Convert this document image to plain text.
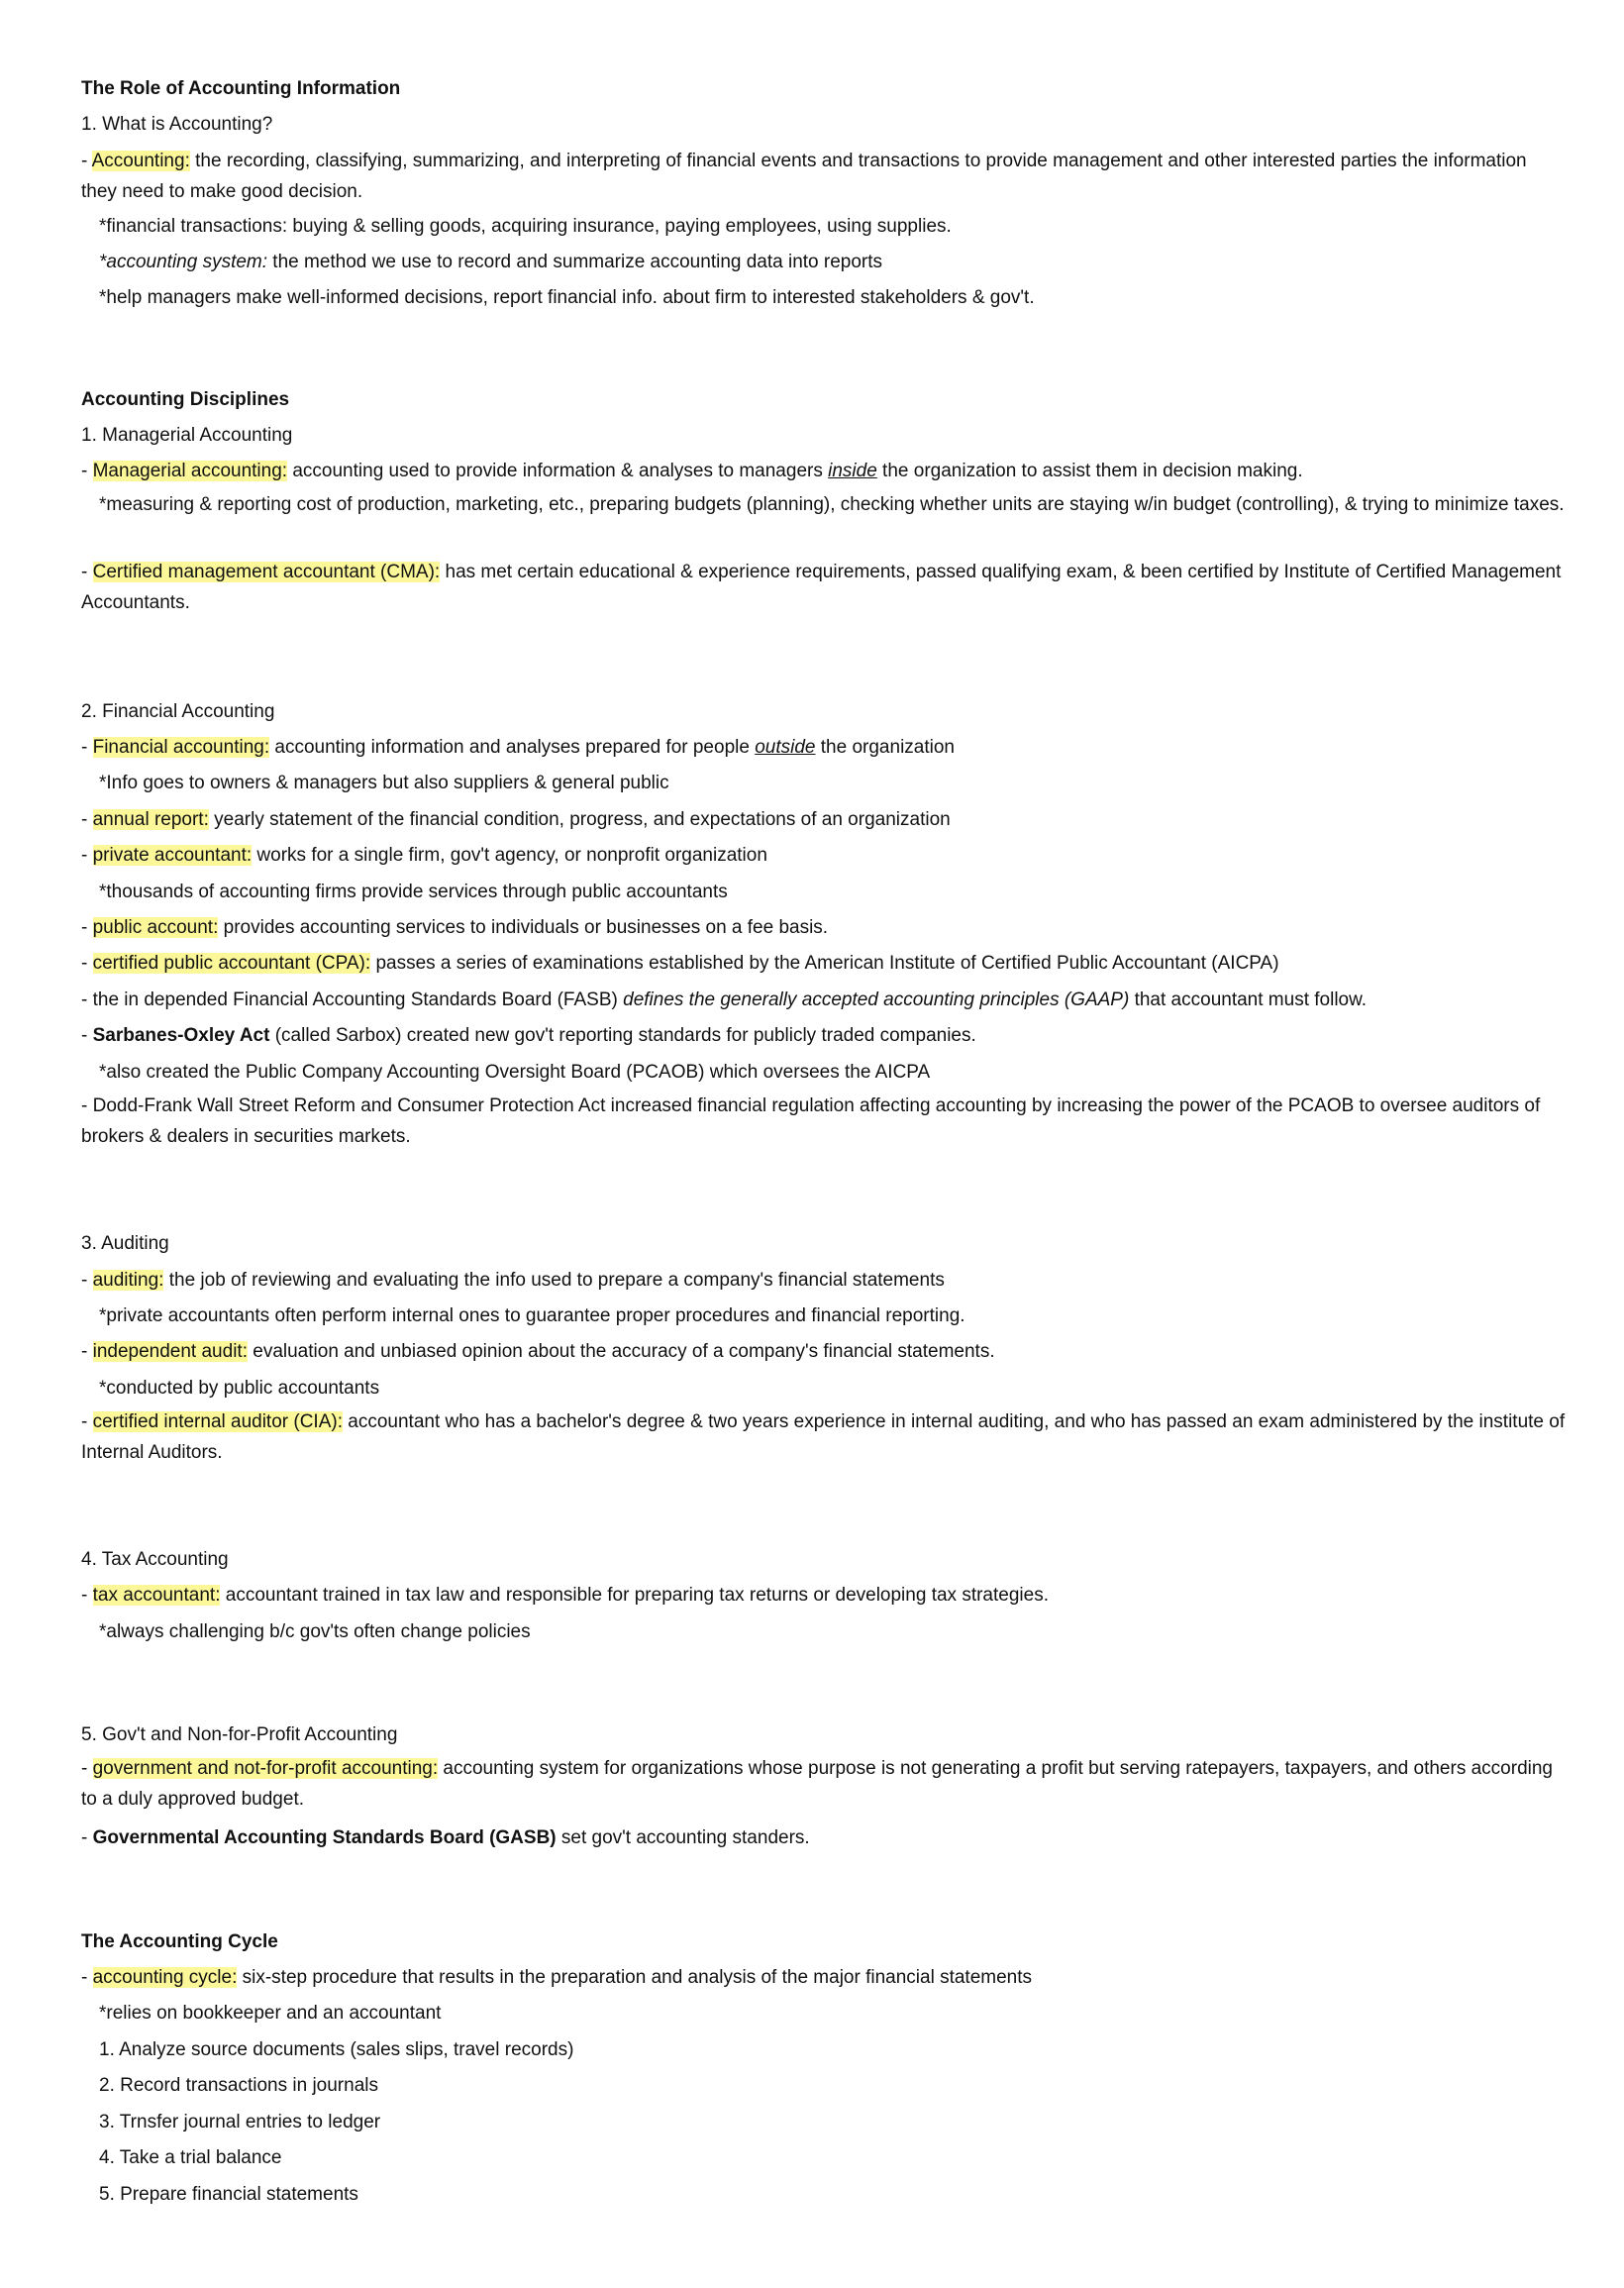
The Role of Accounting Information
1. What is Accounting?
- Accounting: the recording, classifying, summarizing, and interpreting of financial events and transactions to provide management and other interested parties the information they need to make good decision.
*financial transactions: buying & selling goods, acquiring insurance, paying employees, using supplies.
*accounting system: the method we use to record and summarize accounting data into reports
*help managers make well-informed decisions, report financial info. about firm to interested stakeholders & gov't.
Accounting Disciplines
1. Managerial Accounting
- Managerial accounting: accounting used to provide information & analyses to managers inside the organization to assist them in decision making.
*measuring & reporting cost of production, marketing, etc., preparing budgets (planning), checking whether units are staying w/in budget (controlling), & trying to minimize taxes.
- Certified management accountant (CMA): has met certain educational & experience requirements, passed qualifying exam, & been certified by Institute of Certified Management Accountants.
2. Financial Accounting
- Financial accounting: accounting information and analyses prepared for people outside the organization
*Info goes to owners & managers but also suppliers & general public
- annual report: yearly statement of the financial condition, progress, and expectations of an organization
- private accountant: works for a single firm, gov't agency, or nonprofit organization
*thousands of accounting firms provide services through public accountants
- public account: provides accounting services to individuals or businesses on a fee basis.
- certified public accountant (CPA): passes a series of examinations established by the American Institute of Certified Public Accountant (AICPA)
- the in depended Financial Accounting Standards Board (FASB) defines the generally accepted accounting principles (GAAP) that accountant must follow.
- Sarbanes-Oxley Act (called Sarbox) created new gov't reporting standards for publicly traded companies.
*also created the Public Company Accounting Oversight Board (PCAOB) which oversees the AICPA
- Dodd-Frank Wall Street Reform and Consumer Protection Act increased financial regulation affecting accounting by increasing the power of the PCAOB to oversee auditors of brokers & dealers in securities markets.
3. Auditing
- auditing: the job of reviewing and evaluating the info used to prepare a company's financial statements
*private accountants often perform internal ones to guarantee proper procedures and financial reporting.
- independent audit: evaluation and unbiased opinion about the accuracy of a company's financial statements.
*conducted by public accountants
- certified internal auditor (CIA): accountant who has a bachelor's degree & two years experience in internal auditing, and who has passed an exam administered by the institute of Internal Auditors.
4. Tax Accounting
- tax accountant: accountant trained in tax law and responsible for preparing tax returns or developing tax strategies.
*always challenging b/c gov'ts often change policies
5. Gov't and Non-for-Profit Accounting
- government and not-for-profit accounting: accounting system for organizations whose purpose is not generating a profit but serving ratepayers, taxpayers, and others according to a duly approved budget.
- Governmental Accounting Standards Board (GASB) set gov't accounting standers.
The Accounting Cycle
- accounting cycle: six-step procedure that results in the preparation and analysis of the major financial statements
*relies on bookkeeper and an accountant
1. Analyze source documents (sales slips, travel records)
2. Record transactions in journals
3. Trnsfer journal entries to ledger
4. Take a trial balance
5. Prepare financial statements
